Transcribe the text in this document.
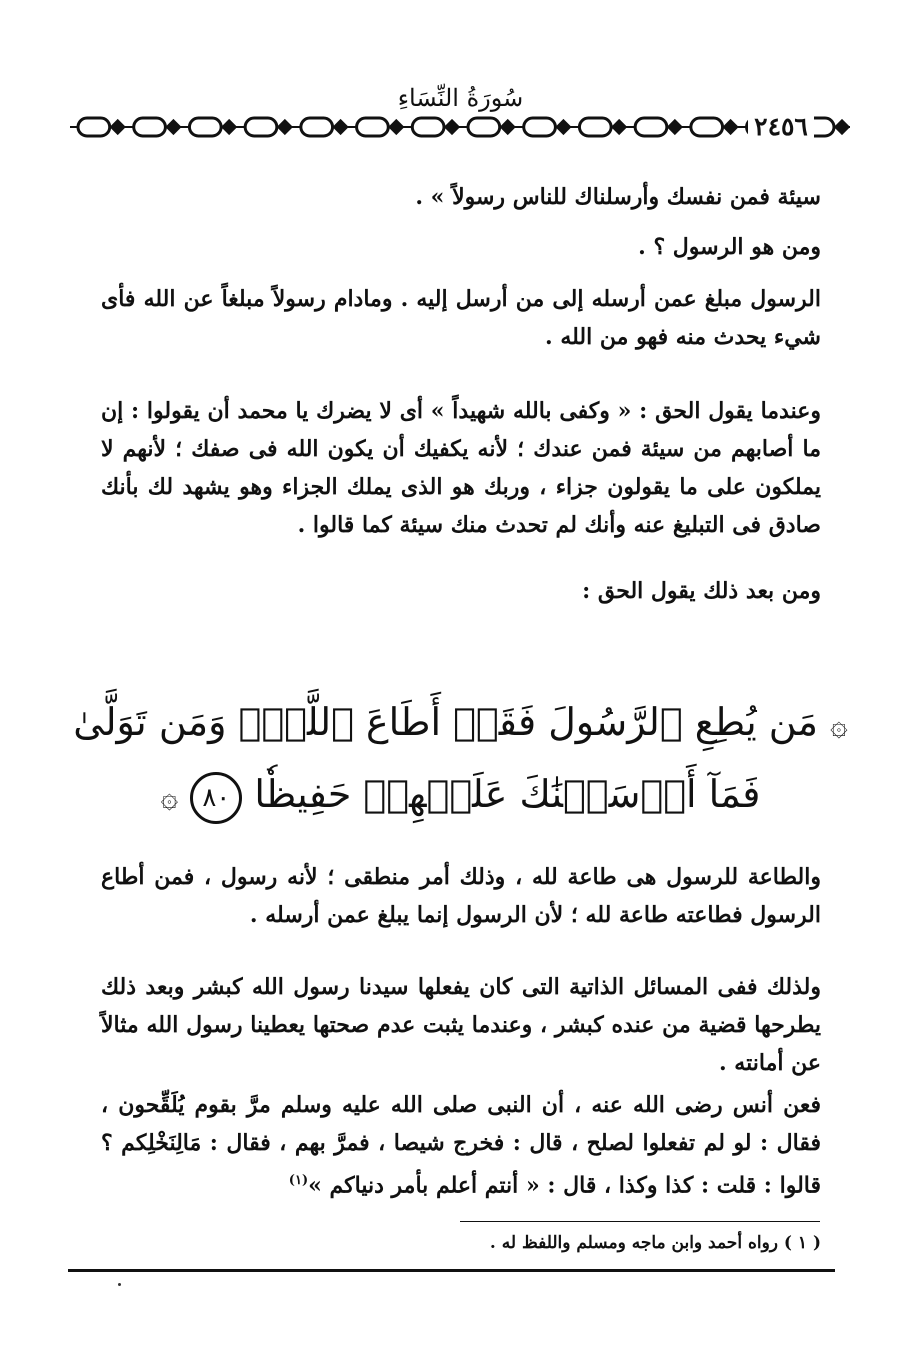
سُورَةُ النِّسَاءِ
٢٤٥٦
سيئة فمن نفسك وأرسلناك للناس رسولاً » .
ومن هو الرسول ؟ .
الرسول مبلغ عمن أرسله إلى من أرسل إليه . ومادام رسولاً مبلغاً عن الله فأى شيء يحدث منه فهو من الله .
وعندما يقول الحق : « وكفى بالله شهيداً » أى لا يضرك يا محمد أن يقولوا : إن ما أصابهم من سيئة فمن عندك ؛ لأنه يكفيك أن يكون الله فى صفك ؛ لأنهم لا يملكون على ما يقولون جزاء ، وربك هو الذى يملك الجزاء وهو يشهد لك بأنك صادق فى التبليغ عنه وأنك لم تحدث منك سيئة كما قالوا .
ومن بعد ذلك يقول الحق :
۞ مَن يُطِعِ ٱلرَّسُولَ فَقَدۡ أَطَاعَ ٱللَّهَۖ وَمَن تَوَلَّىٰ
فَمَآ أَرۡسَلۡنَٰكَ عَلَيۡهِمۡ حَفِيظٗا ٨٠ ۞
والطاعة للرسول هى طاعة لله ، وذلك أمر منطقى ؛ لأنه رسول ، فمن أطاع الرسول فطاعته طاعة لله ؛ لأن الرسول إنما يبلغ عمن أرسله .
ولذلك ففى المسائل الذاتية التى كان يفعلها سيدنا رسول الله كبشر وبعد ذلك يطرحها قضية من عنده كبشر ، وعندما يثبت عدم صحتها يعطينا رسول الله مثالاً عن أمانته .
فعن أنس رضى الله عنه ، أن النبى صلى الله عليه وسلم مرَّ بقوم يُلَقِّحون ، فقال : لو لم تفعلوا لصلح ، قال : فخرج شيصا ، فمرَّ بهم ، فقال : مَالِنَخْلِكم ؟ قالوا : قلت : كذا وكذا ، قال : « أنتم أعلم بأمر دنياكم »$^{(١)}$
( ١ ) رواه أحمد وابن ماجه ومسلم واللفظ له .
